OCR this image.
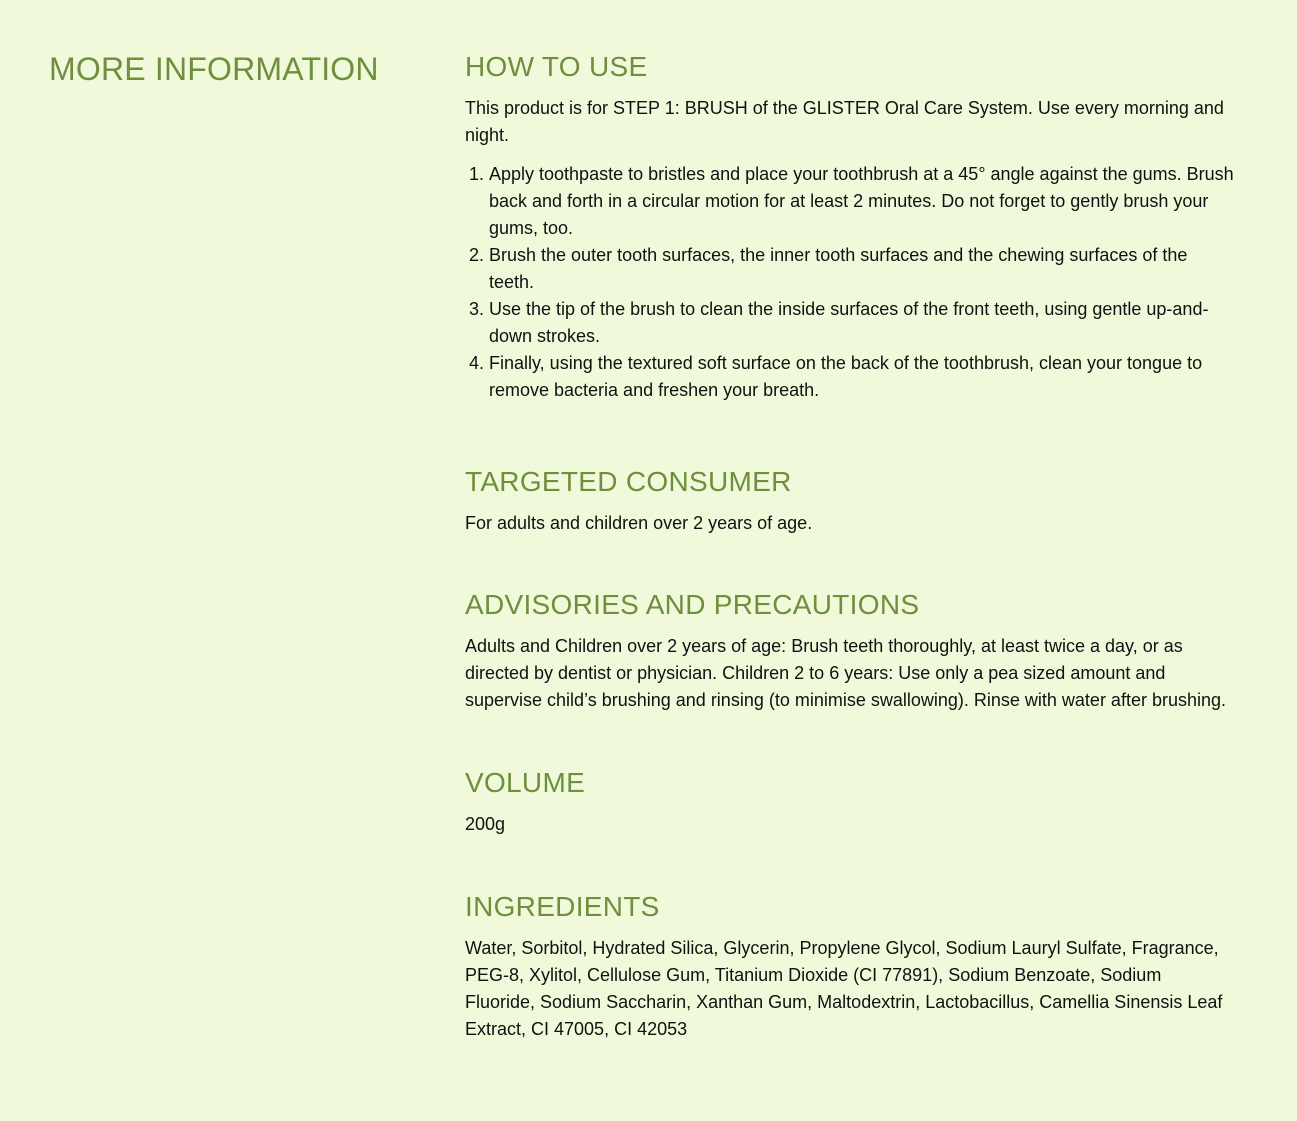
MORE INFORMATION	HOW TO USE

This product is for STEP 1: BRUSH of the GLISTER Oral Care System. Use every morning and night.

1. Apply toothpaste to bristles and place your toothbrush at a 45° angle against the gums. Brush back and forth in a circular motion for at least 2 minutes. Do not forget to gently brush your gums, too.
2. Brush the outer tooth surfaces, the inner tooth surfaces and the chewing surfaces of the teeth.
3. Use the tip of the brush to clean the inside surfaces of the front teeth, using gentle up-and-down strokes.
4. Finally, using the textured soft surface on the back of the toothbrush, clean your tongue to remove bacteria and freshen your breath.
TARGETED CONSUMER

For adults and children over 2 years of age.

ADVISORIES AND PRECAUTIONS

Adults and Children over 2 years of age: Brush teeth thoroughly, at least twice a day, or as directed by dentist or physician. Children 2 to 6 years: Use only a pea sized amount and supervise child’s brushing and rinsing (to minimise swallowing). Rinse with water after brushing.

VOLUME

200g

INGREDIENTS

Water, Sorbitol, Hydrated Silica, Glycerin, Propylene Glycol, Sodium Lauryl Sulfate, Fragrance, PEG-8, Xylitol, Cellulose Gum, Titanium Dioxide (CI 77891), Sodium Benzoate, Sodium Fluoride, Sodium Saccharin, Xanthan Gum, Maltodextrin, Lactobacillus, Camellia Sinensis Leaf Extract, CI 47005, CI 42053
